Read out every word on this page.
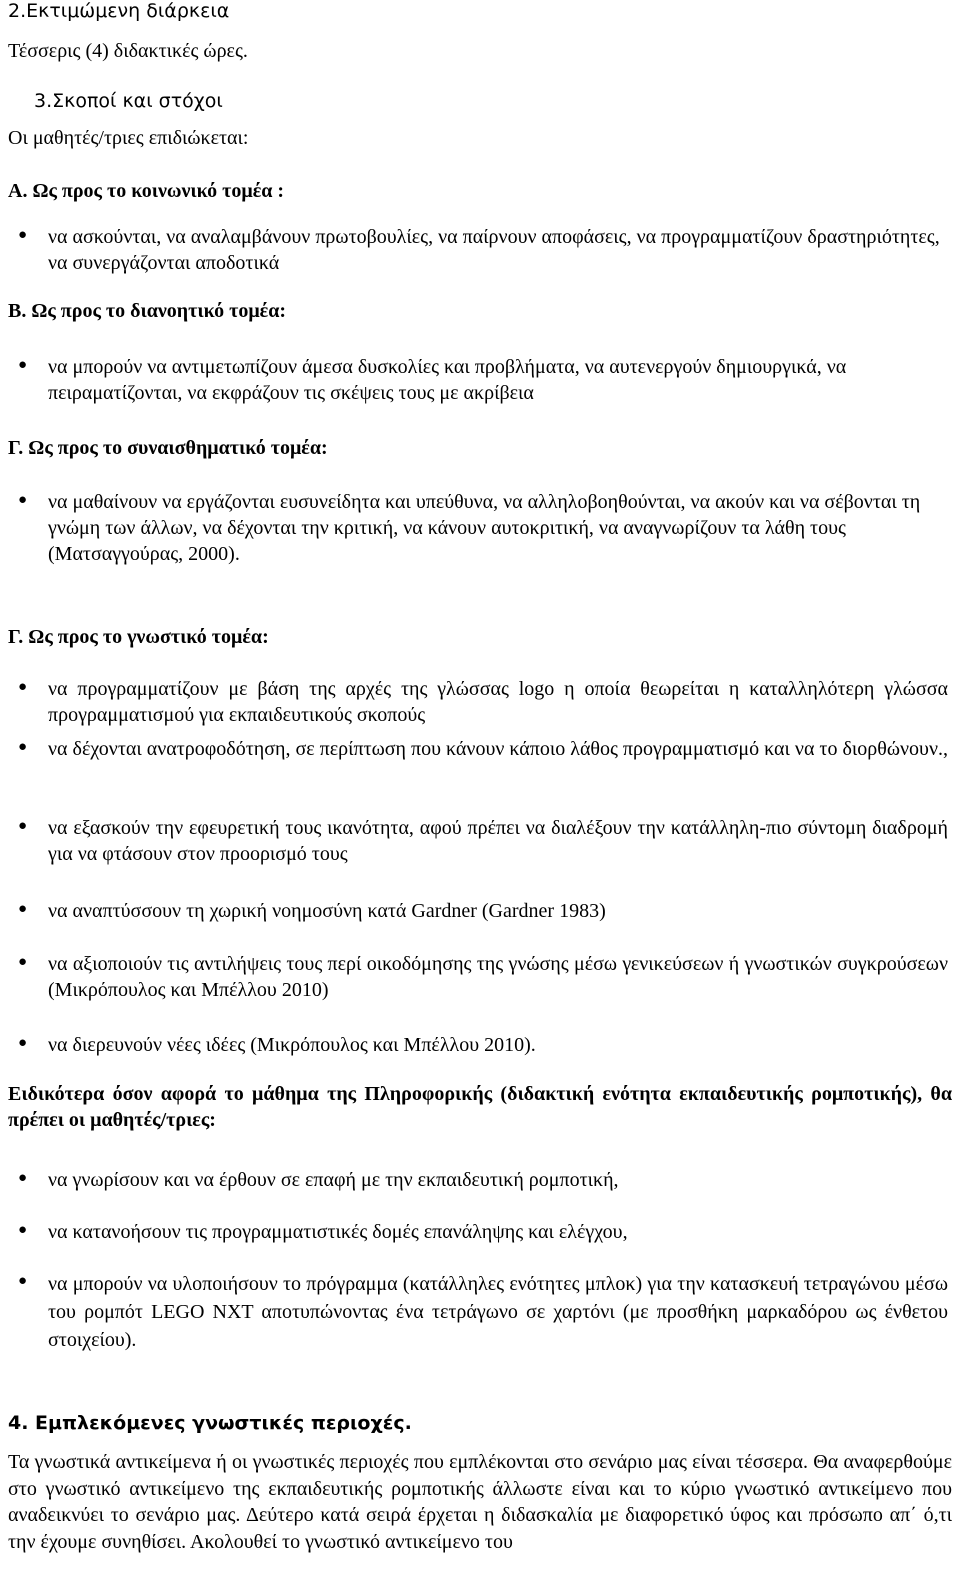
2.Εκτιμώμενη διάρκεια
Τέσσερις (4) διδακτικές ώρες.
3.Σκοποί και στόχοι
Οι μαθητές/τριες επιδιώκεται:
Α. Ως προς το κοινωνικό τομέα :
● να ασκούνται, να αναλαμβάνουν πρωτοβουλίες, να παίρνουν αποφάσεις, να προγραμματίζουν δραστηριότητες, να συνεργάζονται αποδοτικά
Β. Ως προς το διανοητικό τομέα:
● να μπορούν να αντιμετωπίζουν άμεσα δυσκολίες και προβλήματα, να αυτενεργούν δημιουργικά, να πειραματίζονται, να εκφράζουν τις σκέψεις τους με ακρίβεια
Γ. Ως προς το συναισθηματικό τομέα:
● να μαθαίνουν να εργάζονται ευσυνείδητα και υπεύθυνα, να αλληλοβοηθούνται, να ακούν και να σέβονται τη γνώμη των άλλων, να δέχονται την κριτική, να κάνουν αυτοκριτική, να αναγνωρίζουν τα λάθη τους (Ματσαγγούρας, 2000).
Γ. Ως προς το γνωστικό τομέα:
● να προγραμματίζουν με βάση της αρχές της γλώσσας logo η οποία θεωρείται η καταλληλότερη γλώσσα προγραμματισμού για εκπαιδευτικούς σκοπούς
● να δέχονται ανατροφοδότηση, σε περίπτωση που κάνουν κάποιο λάθος προγραμματισμό και να το διορθώνουν.,
● να εξασκούν την εφευρετική τους ικανότητα, αφού πρέπει να διαλέξουν την κατάλληλη-πιο σύντομη διαδρομή για να φτάσουν στον προορισμό τους
● να αναπτύσσουν τη χωρική νοημοσύνη κατά Gardner (Gardner 1983)
● να αξιοποιούν τις αντιλήψεις τους περί οικοδόμησης της γνώσης μέσω γενικεύσεων ή γνωστικών συγκρούσεων (Μικρόπουλος και Μπέλλου 2010)
● να διερευνούν νέες ιδέες (Μικρόπουλος και Μπέλλου 2010).
Ειδικότερα όσον αφορά το μάθημα της Πληροφορικής (διδακτική ενότητα εκπαιδευτικής ρομποτικής), θα πρέπει οι μαθητές/τριες:
● να γνωρίσουν και να έρθουν σε επαφή με την εκπαιδευτική ρομποτική,
● να κατανοήσουν τις προγραμματιστικές δομές επανάληψης και ελέγχου,
● να μπορούν να υλοποιήσουν το πρόγραμμα (κατάλληλες ενότητες μπλοκ) για την κατασκευή τετραγώνου μέσω του ρομπότ LEGO NXT αποτυπώνοντας ένα τετράγωνο σε χαρτόνι (με προσθήκη μαρκαδόρου ως ένθετου στοιχείου).
4. Εμπλεκόμενες γνωστικές περιοχές.
Τα γνωστικά αντικείμενα ή οι γνωστικές περιοχές που εμπλέκονται στο σενάριο μας είναι τέσσερα. Θα αναφερθούμε στο γνωστικό αντικείμενο της εκπαιδευτικής ρομποτικής άλλωστε είναι και το κύριο γνωστικό αντικείμενο που αναδεικνύει το σενάριο μας. Δεύτερο κατά σειρά έρχεται η διδασκαλία με διαφορετικό ύφος και πρόσωπο απ΄ ό,τι την έχουμε συνηθίσει. Ακολουθεί το γνωστικό αντικείμενο του
